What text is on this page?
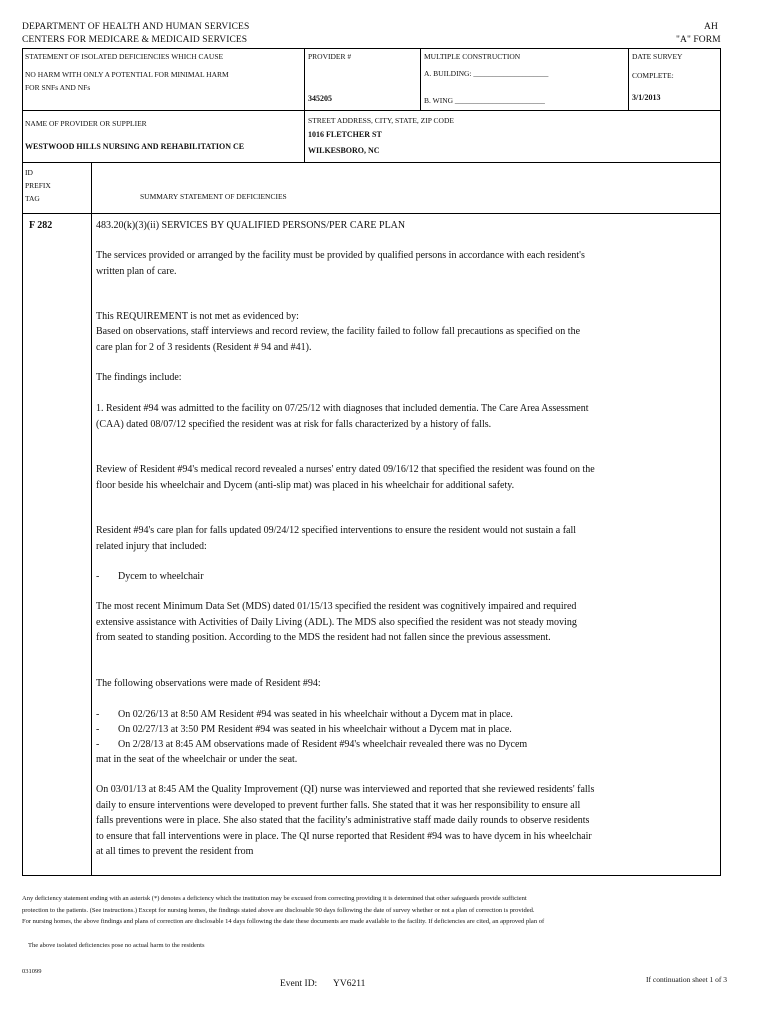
DEPARTMENT OF HEALTH AND HUMAN SERVICES
CENTERS FOR MEDICARE & MEDICAID SERVICES
AH
"A" FORM
STATEMENT OF ISOLATED DEFICIENCIES WHICH CAUSE
NO HARM WITH ONLY A POTENTIAL FOR MINIMAL HARM
FOR SNFs AND NFs
PROVIDER #
345205
MULTIPLE CONSTRUCTION
A. BUILDING: ____________________
B. WING ________________________
DATE SURVEY
COMPLETE:
3/1/2013
NAME OF PROVIDER OR SUPPLIER
WESTWOOD HILLS NURSING AND REHABILITATION CE
STREET ADDRESS, CITY, STATE, ZIP CODE
1016 FLETCHER ST
WILKESBORO, NC
ID
PREFIX
TAG	SUMMARY STATEMENT OF DEFICIENCIES
F 282	483.20(k)(3)(ii) SERVICES BY QUALIFIED PERSONS/PER CARE PLAN
The services provided or arranged by the facility must be provided by qualified persons in accordance with each resident's written plan of care.
This REQUIREMENT is not met as evidenced by:
Based on observations, staff interviews and record review, the facility failed to follow fall precautions as specified on the care plan for 2 of 3 residents (Resident # 94 and #41).
The findings include:
1. Resident #94 was admitted to the facility on 07/25/12 with diagnoses that included dementia. The Care Area Assessment (CAA) dated 08/07/12 specified the resident was at risk for falls characterized by a history of falls.
Review of Resident #94's medical record revealed a nurses' entry dated 09/16/12 that specified the resident was found on the floor beside his wheelchair and Dycem (anti-slip mat) was placed in his wheelchair for additional safety.
Resident #94's care plan for falls updated 09/24/12 specified interventions to ensure the resident would not sustain a fall related injury that included:
- Dycem to wheelchair
The most recent Minimum Data Set (MDS) dated 01/15/13 specified the resident was cognitively impaired and required extensive assistance with Activities of Daily Living (ADL). The MDS also specified the resident was not steady moving from seated to standing position. According to the MDS the resident had not fallen since the previous assessment.
The following observations were made of Resident #94:
- On 02/26/13 at 8:50 AM Resident #94 was seated in his wheelchair without a Dycem mat in place.
- On 02/27/13 at 3:50 PM Resident #94 was seated in his wheelchair without a Dycem mat in place.
- On 2/28/13 at 8:45 AM observations made of Resident #94's wheelchair revealed there was no Dycem
mat in the seat of the wheelchair or under the seat.
On 03/01/13 at 8:45 AM the Quality Improvement (QI) nurse was interviewed and reported that she reviewed residents' falls daily to ensure interventions were developed to prevent further falls. She stated that it was her responsibility to ensure all falls preventions were in place. She also stated that the facility's administrative staff made daily rounds to observe residents to ensure that fall interventions were in place. The QI nurse reported that Resident #94 was to have dycem in his wheelchair at all times to prevent the resident from
Any deficiency statement ending with an asterisk (*) denotes a deficiency which the institution may be excused from correcting providing it is determined that other safeguards provide sufficient
protection to the patients. (See instructions.) Except for nursing homes, the findings stated above are disclosable 90 days following the date of survey whether or not a plan of correction is provided.
For nursing homes, the above findings and plans of correction are disclosable 14 days following the date these documents are made available to the facility. If deficiencies are cited, an approved plan of
The above isolated deficiencies pose no actual harm to the residents
031099
Event ID: YV6211	If continuation sheet 1 of 3
